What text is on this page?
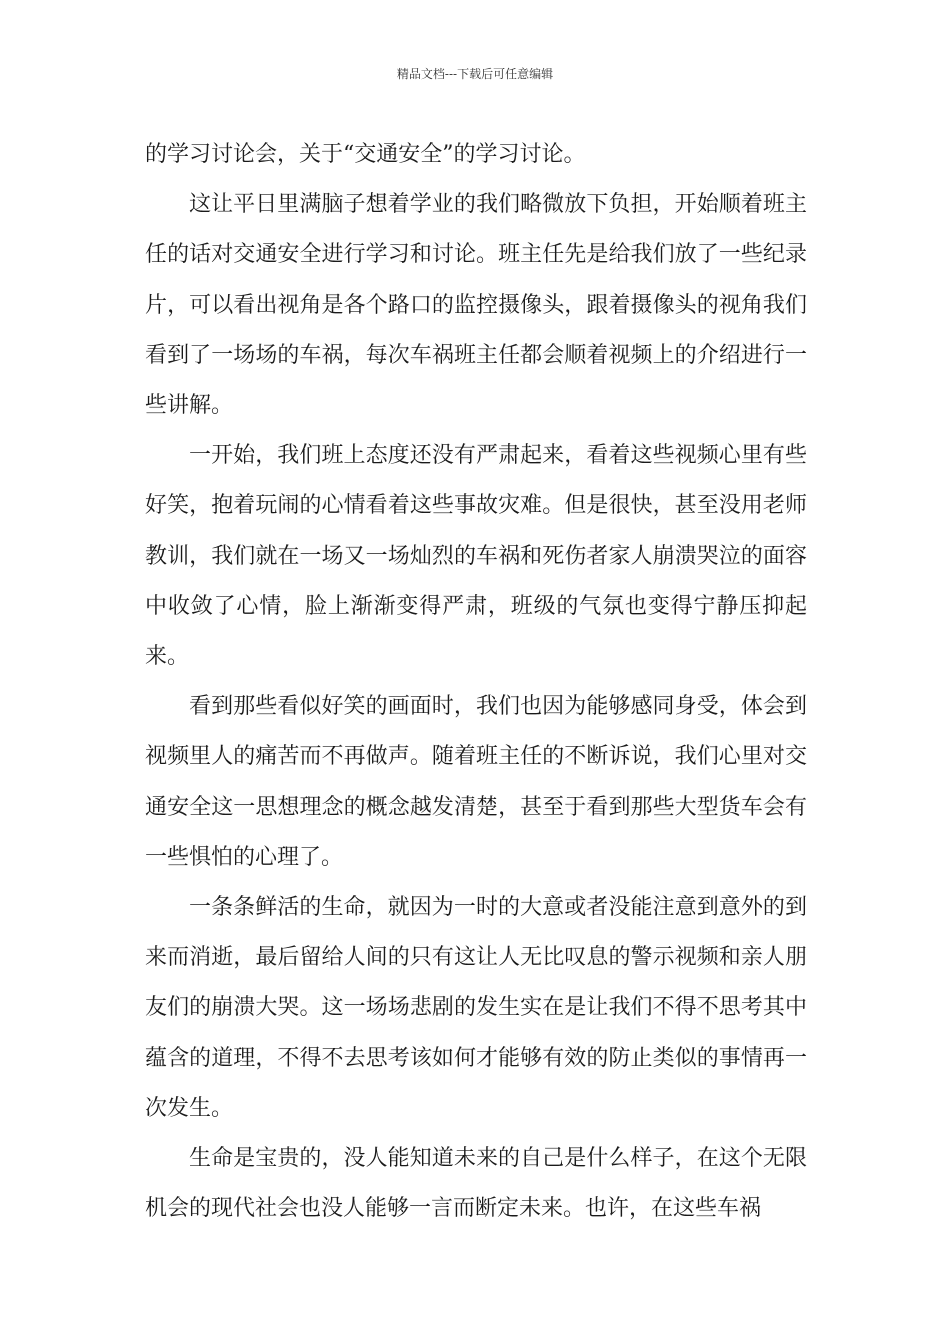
精品文档---下载后可任意编辑

的学习讨论会，关于“交通安全”的学习讨论。

这让平日里满脑子想着学业的我们略微放下负担，开始顺着班主任的话对交通安全进行学习和讨论。班主任先是给我们放了一些纪录片，可以看出视角是各个路口的监控摄像头，跟着摄像头的视角我们看到了一场场的车祸，每次车祸班主任都会顺着视频上的介绍进行一些讲解。

一开始，我们班上态度还没有严肃起来，看着这些视频心里有些好笑，抱着玩闹的心情看着这些事故灾难。但是很快，甚至没用老师教训，我们就在一场又一场灿烈的车祸和死伤者家人崩溃哭泣的面容中收敛了心情，脸上渐渐变得严肃，班级的气氛也变得宁静压抑起来。

看到那些看似好笑的画面时，我们也因为能够感同身受，体会到视频里人的痛苦而不再做声。随着班主任的不断诉说，我们心里对交通安全这一思想理念的概念越发清楚，甚至于看到那些大型货车会有一些惧怕的心理了。

一条条鲜活的生命，就因为一时的大意或者没能注意到意外的到来而消逝，最后留给人间的只有这让人无比叹息的警示视频和亲人朋友们的崩溃大哭。这一场场悲剧的发生实在是让我们不得不思考其中蕴含的道理，不得不去思考该如何才能够有效的防止类似的事情再一次发生。

生命是宝贵的，没人能知道未来的自己是什么样子，在这个无限机会的现代社会也没人能够一言而断定未来。也许，在这些车祸
